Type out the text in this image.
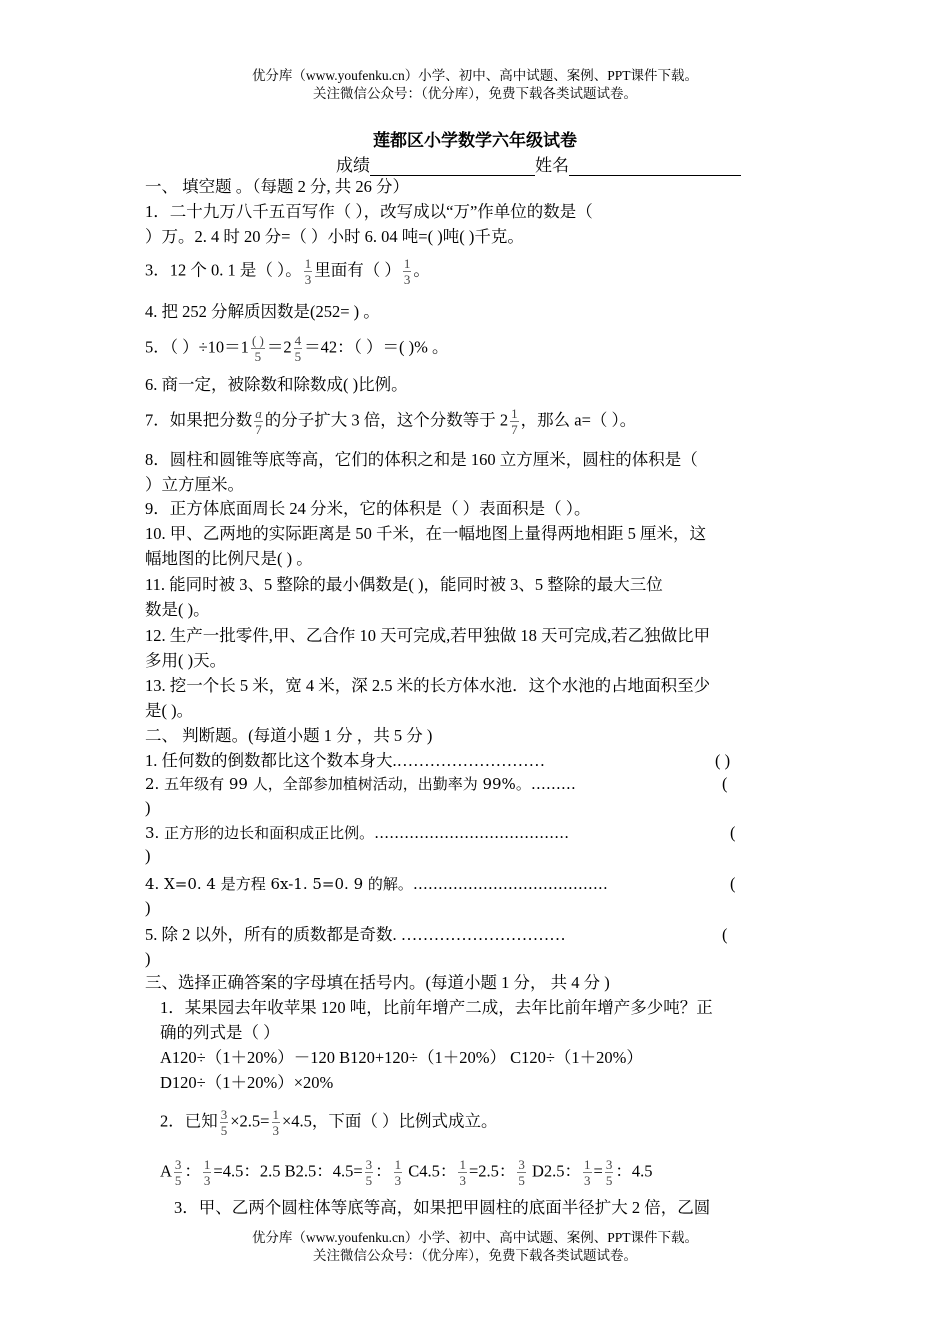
优分库（www.youfenku.cn）小学、初中、高中试题、案例、PPT课件下载。
关注微信公众号：（优分库），免费下载各类试题试卷。
莲都区小学数学六年级试卷
成绩	姓名
一、 填空题 。（每题 2 分, 共 26 分）
1．二十九万八千五百写作（ ），改写成以“万”作单位的数是（
）万。2. 4 时 20 分=（ ）小时 6. 04 吨=( )吨( )千克。
3．12 个 0. 1 是（ ）。 $\frac{1}{3}$ 里面有（ ） $\frac{1}{3}$ 。
4. 把 252 分解质因数是(252= ) 。
5．（ ）÷10＝1 ( )
5
$=2 \frac{4}{5} =42$：（ ）＝( )% 。
6. 商一定，被除数和除数成( )比例。
7．如果把分数 $\frac{a}{7}$ 的分子扩大 3 倍，这个分数等于 $2 \frac{1}{7}$ ，那么 a=（ ）。
8．圆柱和圆锥等底等高，它们的体积之和是 160 立方厘米，圆柱的体积是（
）立方厘米。
9．正方体底面周长 24 分米，它的体积是（ ）表面积是（ ）。
10. 甲、乙两地的实际距离是 50 千米，在一幅地图上量得两地相距 5 厘米，这
幅地图的比例尺是( ) 。
11. 能同时被 3、5 整除的最小偶数是( )，能同时被 3、5 整除的最大三位
数是( )。
12. 生产一批零件,甲、乙合作 10 天可完成,若甲独做 18 天可完成,若乙独做比甲
多用( )天。
13. 挖一个长 5 米，宽 4 米，深 2.5 米的长方体水池．这个水池的占地面积至少
是( )。
二、 判断题。(每道小题 1 分 ，共 5 分 )
1. 任何数的倒数都比这个数本身大.………………………	( )
2. 五年级有 99 人，全部参加植树活动，出勤率为 99%。………	(
)
3. 正方形的边长和面积成正比例。…………………………………	(
)
4. X=0. 4 是方程 6x-1. 5=0. 9 的解。…………………………………	(
)
5. 除 2 以外，所有的质数都是奇数. …………………………	(
)
三、选择正确答案的字母填在括号内。(每道小题 1 分， 共 4 分 )
1．某果园去年收苹果 120 吨，比前年增产二成，去年比前年增产多少吨？正
确的列式是（ ）
A120÷（1＋20%）－120 B120+120÷（1＋20%） C120÷（1＋20%）
D120÷（1＋20%）×20%
2．已知 $\frac{3}{5} \times 2.5= \frac{1}{3} \times 4.5$，下面（ ）比例式成立。
A $\frac{3}{5}$ ： $\frac{1}{3} =4.5$：2.5 B2.5：$4.5= \frac{3}{5}$ ： $\frac{1}{3} C4.5$： $\frac{1}{3} =2.5$： $\frac{3}{5} D2.5$： $\frac{1}{3} = \frac{3}{5}$ ：4.5
3．甲、乙两个圆柱体等底等高，如果把甲圆柱的底面半径扩大 2 倍，乙圆
优分库（www.youfenku.cn）小学、初中、高中试题、案例、PPT课件下载。
关注微信公众号：（优分库），免费下载各类试题试卷。
